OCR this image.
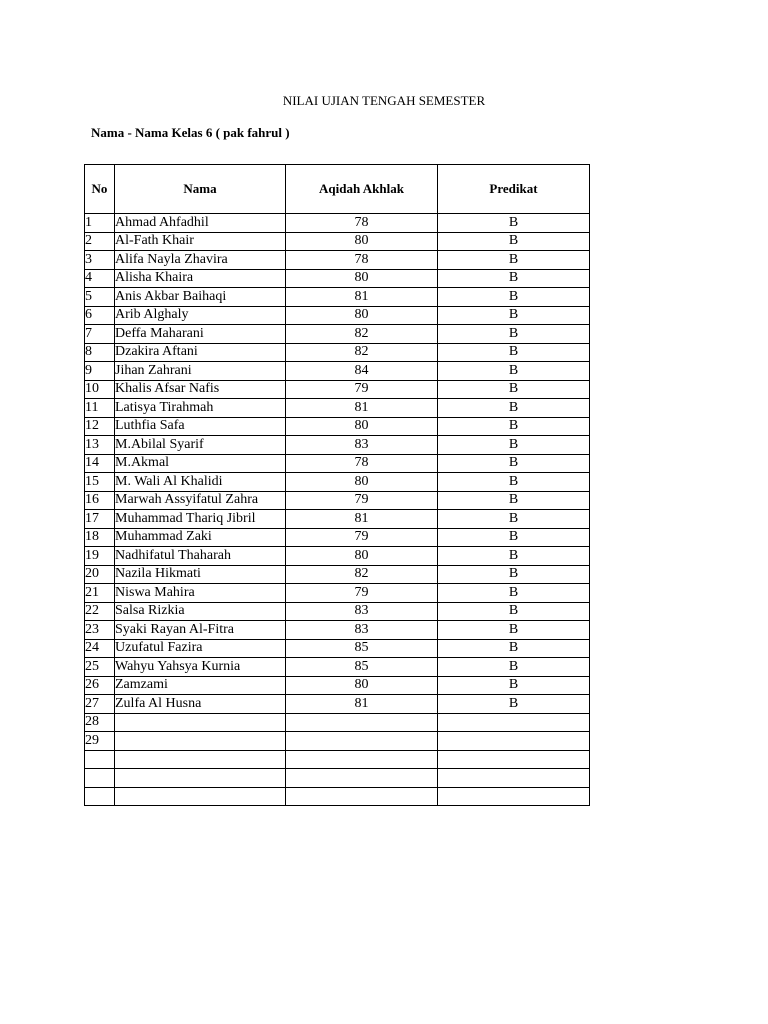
NILAI UJIAN TENGAH SEMESTER
Nama - Nama Kelas 6 ( pak fahrul )
No	Nama	Aqidah Akhlak	Predikat
1	Ahmad Ahfadhil	78	B
2	Al-Fath Khair	80	B
3	Alifa Nayla Zhavira	78	B
4	Alisha Khaira	80	B
5	Anis Akbar Baihaqi	81	B
6	Arib Alghaly	80	B
7	Deffa Maharani	82	B
8	Dzakira Aftani	82	B
9	Jihan Zahrani	84	B
10	Khalis Afsar Nafis	79	B
11	Latisya Tirahmah	81	B
12	Luthfia Safa	80	B
13	M.Abilal Syarif	83	B
14	M.Akmal	78	B
15	M. Wali Al Khalidi	80	B
16	Marwah Assyifatul Zahra	79	B
17	Muhammad Thariq Jibril	81	B
18	Muhammad Zaki	79	B
19	Nadhifatul Thaharah	80	B
20	Nazila Hikmati	82	B
21	Niswa Mahira	79	B
22	Salsa Rizkia	83	B
23	Syaki Rayan Al-Fitra	83	B
24	Uzufatul Fazira	85	B
25	Wahyu Yahsya Kurnia	85	B
26	Zamzami	80	B
27	Zulfa Al Husna	81	B
28			
29			
